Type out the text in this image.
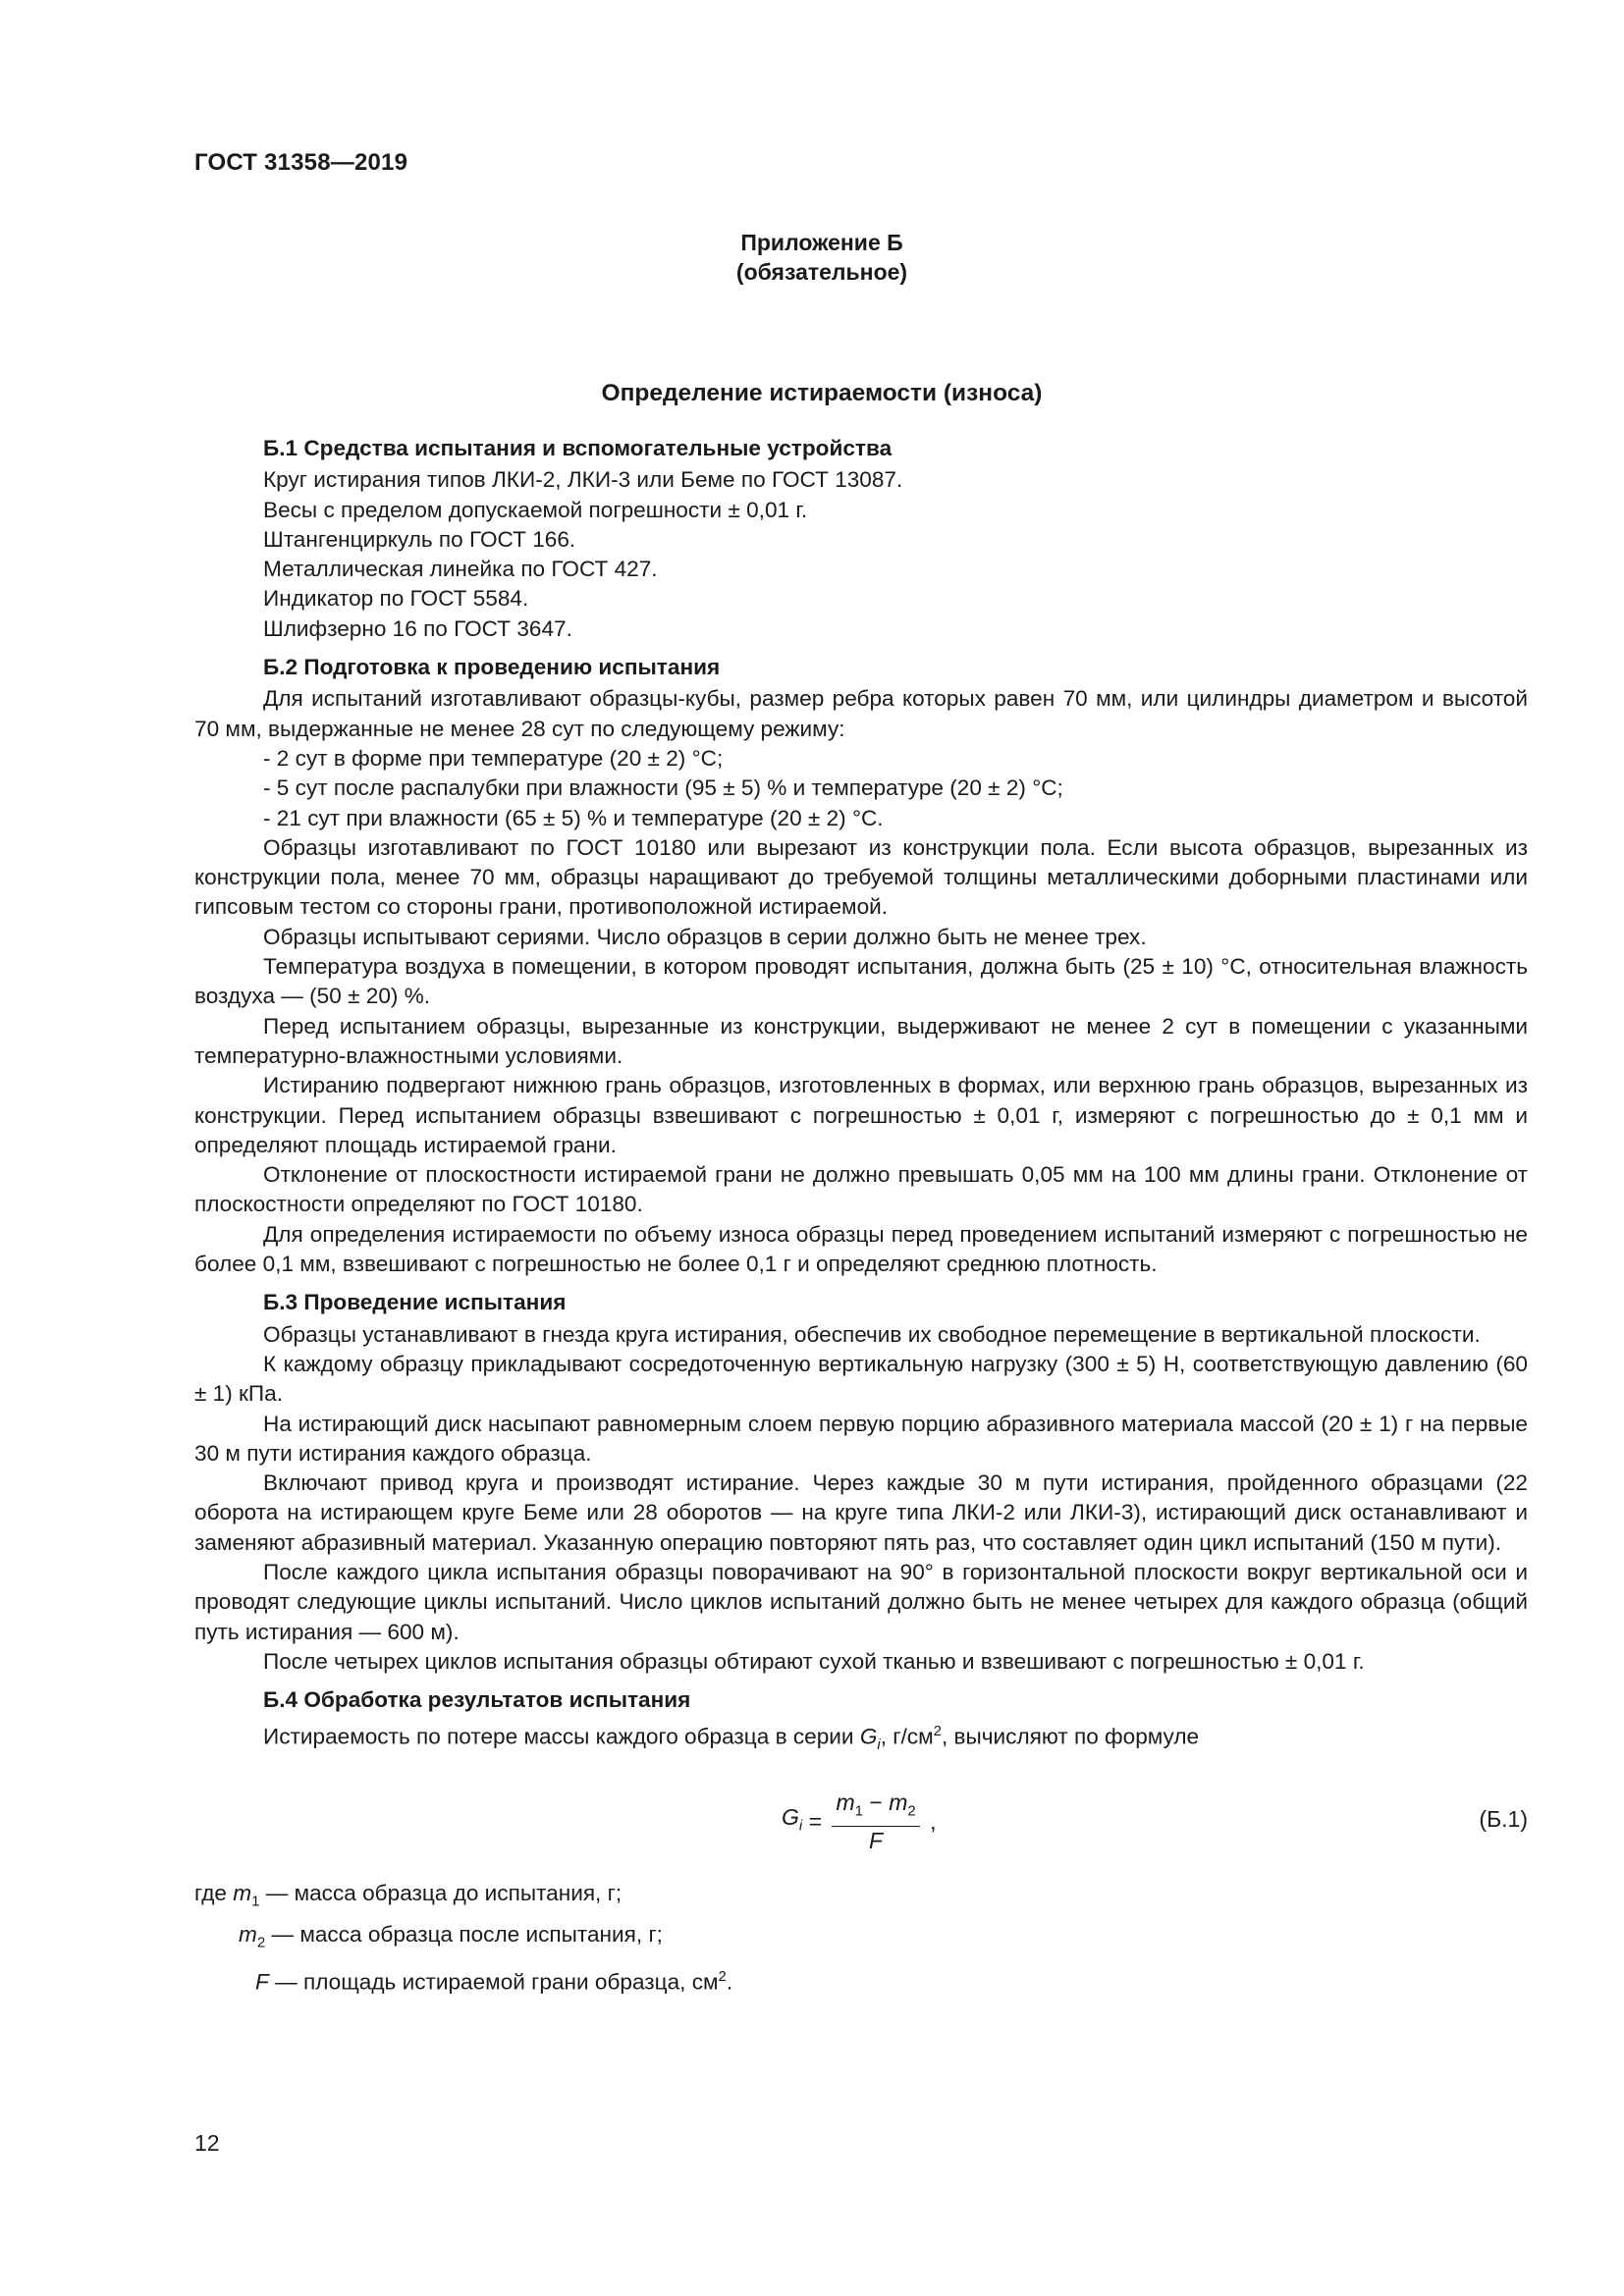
ГОСТ 31358—2019
Приложение Б
(обязательное)
Определение истираемости (износа)
Б.1 Средства испытания и вспомогательные устройства
Круг истирания типов ЛКИ-2, ЛКИ-3 или Беме по ГОСТ 13087.
Весы с пределом допускаемой погрешности ± 0,01 г.
Штангенциркуль по ГОСТ 166.
Металлическая линейка по ГОСТ 427.
Индикатор по ГОСТ 5584.
Шлифзерно 16 по ГОСТ 3647.
Б.2 Подготовка к проведению испытания
Для испытаний изготавливают образцы-кубы, размер ребра которых равен 70 мм, или цилиндры диаметром и высотой 70 мм, выдержанные не менее 28 сут по следующему режиму:
- 2 сут в форме при температуре (20 ± 2) °С;
- 5 сут после распалубки при влажности (95 ± 5) % и температуре (20 ± 2) °С;
- 21 сут при влажности (65 ± 5) % и температуре (20 ± 2) °С.
Образцы изготавливают по ГОСТ 10180 или вырезают из конструкции пола. Если высота образцов, вырезанных из конструкции пола, менее 70 мм, образцы наращивают до требуемой толщины металлическими доборными пластинами или гипсовым тестом со стороны грани, противоположной истираемой.
Образцы испытывают сериями. Число образцов в серии должно быть не менее трех.
Температура воздуха в помещении, в котором проводят испытания, должна быть (25 ± 10) °С, относительная влажность воздуха — (50 ± 20) %.
Перед испытанием образцы, вырезанные из конструкции, выдерживают не менее 2 сут в помещении с указанными температурно-влажностными условиями.
Истиранию подвергают нижнюю грань образцов, изготовленных в формах, или верхнюю грань образцов, вырезанных из конструкции. Перед испытанием образцы взвешивают с погрешностью ± 0,01 г, измеряют с погрешностью до ± 0,1 мм и определяют площадь истираемой грани.
Отклонение от плоскостности истираемой грани не должно превышать 0,05 мм на 100 мм длины грани. Отклонение от плоскостности определяют по ГОСТ 10180.
Для определения истираемости по объему износа образцы перед проведением испытаний измеряют с погрешностью не более 0,1 мм, взвешивают с погрешностью не более 0,1 г и определяют среднюю плотность.
Б.3 Проведение испытания
Образцы устанавливают в гнезда круга истирания, обеспечив их свободное перемещение в вертикальной плоскости.
К каждому образцу прикладывают сосредоточенную вертикальную нагрузку (300 ± 5) Н, соответствующую давлению (60 ± 1) кПа.
На истирающий диск насыпают равномерным слоем первую порцию абразивного материала массой (20 ± 1) г на первые 30 м пути истирания каждого образца.
Включают привод круга и производят истирание. Через каждые 30 м пути истирания, пройденного образцами (22 оборота на истирающем круге Беме или 28 оборотов — на круге типа ЛКИ-2 или ЛКИ-3), истирающий диск останавливают и заменяют абразивный материал. Указанную операцию повторяют пять раз, что составляет один цикл испытаний (150 м пути).
После каждого цикла испытания образцы поворачивают на 90° в горизонтальной плоскости вокруг вертикальной оси и проводят следующие циклы испытаний. Число циклов испытаний должно быть не менее четырех для каждого образца (общий путь истирания — 600 м).
После четырех циклов испытания образцы обтирают сухой тканью и взвешивают с погрешностью ± 0,01 г.
Б.4 Обработка результатов испытания
Истираемость по потере массы каждого образца в серии $G_i$, $г/см^2$, вычисляют по формуле
$G_i = \frac{m_1 - m_2}{F}$ ,	(Б.1)
где $m_1$ — масса образца до испытания, г;
$m_2$ — масса образца после испытания, г;
F — площадь истираемой грани образца, $см^2$.
12
